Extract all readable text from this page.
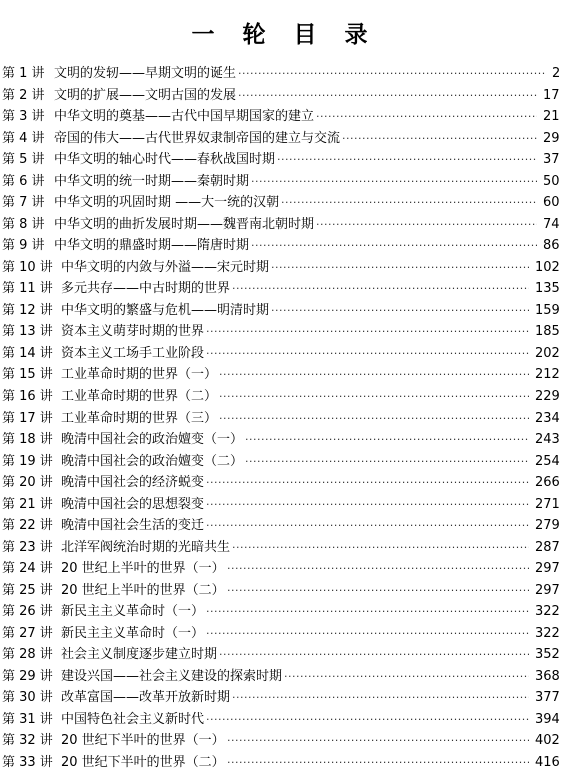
一 轮 目 录
第 1 讲 文明的发轫——早期文明的诞生 ·····	2
第 2 讲 文明的扩展——文明古国的发展 ·····	17
第 3 讲 中华文明的奠基——古代中国早期国家的建立 ·····	21
第 4 讲 帝国的伟大——古代世界奴隶制帝国的建立与交流 ·····	29
第 5 讲 中华文明的轴心时代——春秋战国时期 ·····	37
第 6 讲 中华文明的统一时期——秦朝时期 ·····	50
第 7 讲 中华文明的巩固时期 ——大一统的汉朝 ·····	60
第 8 讲 中华文明的曲折发展时期——魏晋南北朝时期 ·····	74
第 9 讲 中华文明的鼎盛时期——隋唐时期 ·····	86
第 10 讲 中华文明的内敛与外溢——宋元时期 ·····	102
第 11 讲 多元共存——中古时期的世界 ·····	135
第 12 讲 中华文明的繁盛与危机——明清时期 ·····	159
第 13 讲 资本主义萌芽时期的世界 ·····	185
第 14 讲 资本主义工场手工业阶段 ·····	202
第 15 讲 工业革命时期的世界（一） ·····	212
第 16 讲 工业革命时期的世界（二） ·····	229
第 17 讲 工业革命时期的世界（三） ·····	234
第 18 讲 晚清中国社会的政治嬗变（一） ·····	243
第 19 讲 晚清中国社会的政治嬗变（二） ·····	254
第 20 讲 晚清中国社会的经济蜕变 ·····	266
第 21 讲 晚清中国社会的思想裂变 ·····	271
第 22 讲 晚清中国社会生活的变迁 ·····	279
第 23 讲 北洋军阀统治时期的光暗共生 ·····	287
第 24 讲 20 世纪上半叶的世界（一） ·····	297
第 25 讲 20 世纪上半叶的世界（二） ·····	297
第 26 讲 新民主主义革命时（一） ·····	322
第 27 讲 新民主主义革命时（一） ·····	322
第 28 讲 社会主义制度逐步建立时期 ·····	352
第 29 讲 建设兴国——社会主义建设的探索时期 ·····	368
第 30 讲 改革富国——改革开放新时期 ·····	377
第 31 讲 中国特色社会主义新时代 ·····	394
第 32 讲 20 世纪下半叶的世界（一） ·····	402
第 33 讲 20 世纪下半叶的世界（二） ·····	416
